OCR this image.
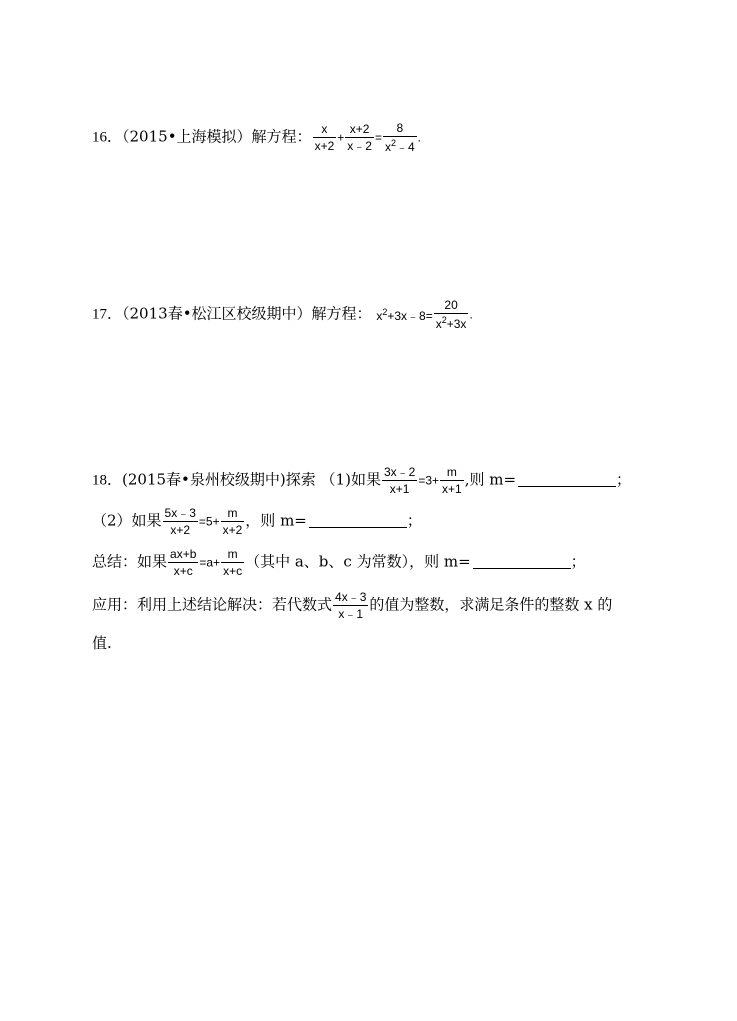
16．（2015•上海模拟）解方程： $\frac{x}{x+2} + \frac{x+2}{x﹣2} = \frac{8}{x^2﹣4}$ .
17．（2013春•松江区校级期中）解方程： $x^2+3x﹣8= \frac{20}{x^2+3x}$ .
18．(2015春•泉州校级期中)探索 （1)如果 $\frac{3x﹣2}{x+1} =3+ \frac{m}{x+1}$ ,则 m=	；
（2）如果 $\frac{5x﹣3}{x+2} =5+ \frac{m}{x+2}$ ，则 m=	；
总结：如果 $\frac{ax+b}{x+c} =a+ \frac{m}{x+c}$ （其中 a、b、c 为常数），则 m=	；
应用：利用上述结论解决：若代数式 $\frac{4x﹣3}{x﹣1}$ 的值为整数，求满足条件的整数 x 的
值.
